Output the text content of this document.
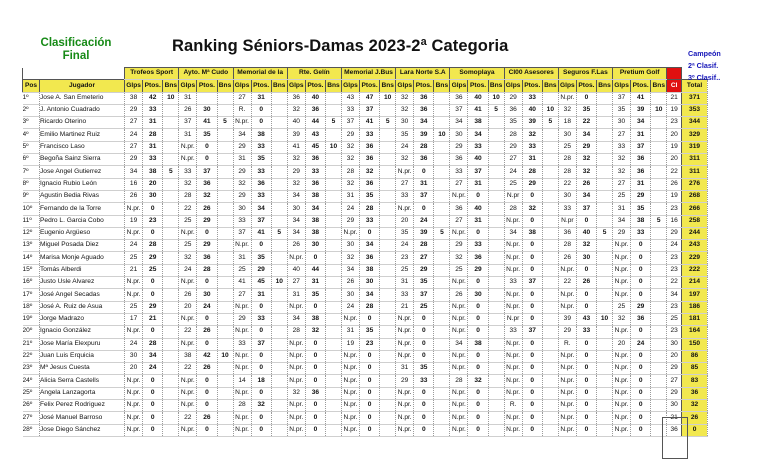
Clasificación
Final
Ranking Séniors-Damas 2023-2ª Categoria
		Trofeos Sport			Ayto. Mª Cudo			Memorial de la			Rte. Gelín			Memorial J.Bus			Lara Norte S.A			Somoplaya			CI00 Asesores			Seguros F.Las			Pretium Golf				
Pos	Jugador	Glps	Ptos.	Bns	Glps	Ptos.	Bns	Glps	Ptos.	Bns	Glps	Ptos.	Bns	Glps	Ptos.	Bns	Glps	Ptos.	Bns	Glps	Ptos.	Bns	Glps	Ptos.	Bns	Glps	Ptos.	Bns	Glps	Ptos.	Bns	CI	Total
1º	Jose A. San Emeterio	38	42	10	31			27	31		36	40		43	47	10	32	36		36	40	10	29	33		N.pr.	0		37	41		21	371
2º	J. Antonio Cuadrado	29	33		26	30		R.	0		32	36		33	37		32	36		37	41	5	36	40	10	32	35		35	39	10	19	353
3º	Ricardo Oterino	27	31		37	41	5	N.pr.	0		40	44	5	37	41	5	30	34		34	38		35	39	5	18	22		30	34		23	344
4º	Emilio Martinez Ruiz	24	28		31	35		34	38		39	43		29	33		35	39	10	30	34		28	32		30	34		27	31		20	329
5º	Francisco Laso	27	31		N.pr.	0		29	33		41	45	10	32	36		24	28		29	33		29	33		25	29		33	37		19	319
6º	Begoña Sainz Sierra	29	33		N.pr.	0		31	35		32	36		32	36		32	36		36	40		27	31		28	32		32	36		20	311
7º	Jose Angel Gutierrez	34	38	5	33	37		29	33		29	33		28	32		N.pr.	0		33	37		24	28		28	32		32	36		22	311
8º	Ignacio Rubio León	16	20		32	36		32	36		32	36		32	36		27	31		27	31		25	29		22	26		27	31		26	276
9º	Agustin Bedia Rivas	26	30		28	32		29	33		34	38		31	35		33	37		N.pr.	0		N.pr	0		30	34		25	29		19	268
10º	Fernando de la Torre	N.pr.	0		22	26		30	34		30	34		24	28		N.pr.	0		36	40		28	32		33	37		31	35		23	266
11º	Pedro L. Garcia Cobo	19	23		25	29		33	37		34	38		29	33		20	24		27	31		N.pr.	0		N.pr	0		34	38	5	16	258
12º	Eugenio Argüeso	N.pr.	0		N.pr.	0		37	41	5	34	38		N.pr.	0		35	39	5	N.pr.	0		34	38		36	40	5	29	33		29	244
13º	Miguel Posada Diez	24	28		25	29		N.pr.	0		26	30		30	34		24	28		29	33		N.pr.	0		28	32		N.pr.	0		24	243
14º	Marisa Monje Aguado	25	29		32	36		31	35		N.pr.	0		32	36		23	27		32	36		N.pr.	0		26	30		N.pr.	0		23	229
15º	Tomás Alberdi	21	25		24	28		25	29		40	44		34	38		25	29		25	29		N.pr.	0		N.pr.	0		N.pr.	0		23	222
16º	Justo Usle Alvarez	N.pr.	0		N.pr.	0		41	45	10	27	31		26	30		31	35		N.pr.	0		33	37		22	26		N.pr.	0		22	214
17º	José Angel Secadas	N.pr.	0		26	30		27	31		31	35		30	34		33	37		26	30		N.pr.	0		N.pr.	0		N.pr.	0		34	197
18º	José A. Ruiz de Asua	25	29		20	24		N.pr.	0		N.pr.	0		24	28		21	25		N.pr.	0		N.pr.	0		N.pr.	0		25	29		23	186
19º	Jorge Madrazo	17	21		N.pr.	0		29	33		34	38		N.pr.	0		N.pr.	0		N.pr.	0		N.pr	0		39	43	10	32	36		25	181
20º	Ignacio González	N.pr.	0		22	26		N.pr.	0		28	32		31	35		N.pr.	0		N.pr.	0		33	37		29	33		N.pr.	0		23	164
21º	Jose María Elexpuru	24	28		N.pr.	0		33	37		N.pr.	0		19	23		N.pr.	0		34	38		N.pr.	0		R.	0		20	24		30	150
22º	Juan Luis Erquicia	30	34		38	42	10	N.pr.	0		N.pr.	0		N.pr.	0		N.pr.	0		N.pr.	0		N.pr.	0		N.pr.	0		N.pr.	0		20	86
23º	Mª Jesus Cuesta	20	24		22	26		N.pr.	0		N.pr.	0		N.pr.	0		31	35		N.pr.	0		N.pr.	0		N.pr.	0		N.pr.	0		29	85
24º	Alicia Serra Castells	N.pr.	0		N.pr.	0		14	18		N.pr.	0		N.pr.	0		29	33		28	32		N.pr.	0		N.pr.	0		N.pr.	0		27	83
25º	Angela Lanzagorta	N.pr.	0		N.pr.	0		N.pr.	0		32	36		N.pr.	0		N.pr.	0		N.pr.	0		N.pr.	0		N.pr.	0		N.pr.	0		29	36
26º	Felix Perez Rodriguez	N.pr.	0		N.pr.	0		28	32		N.pr.	0		N.pr.	0		N.pr.	0		N.pr.	0		R.	0		N.pr.	0		N.pr.	0		30	32
27º	José Manuel Barroso	N.pr.	0		22	26		N.pr.	0		N.pr.	0		N.pr.	0		N.pr.	0		N.pr.	0		N.pr.	0		N.pr.	0		N.pr.	0		21	26
28º	Jose Diego Sánchez	N.pr.	0		N.pr.	0		N.pr.	0		N.pr.	0		N.pr.	0		N.pr.	0		N.pr.	0		N.pr.	0		N.pr.	0		N.pr.	0		36	0
Campeón
2ª Clasif.
3º Clasif..
